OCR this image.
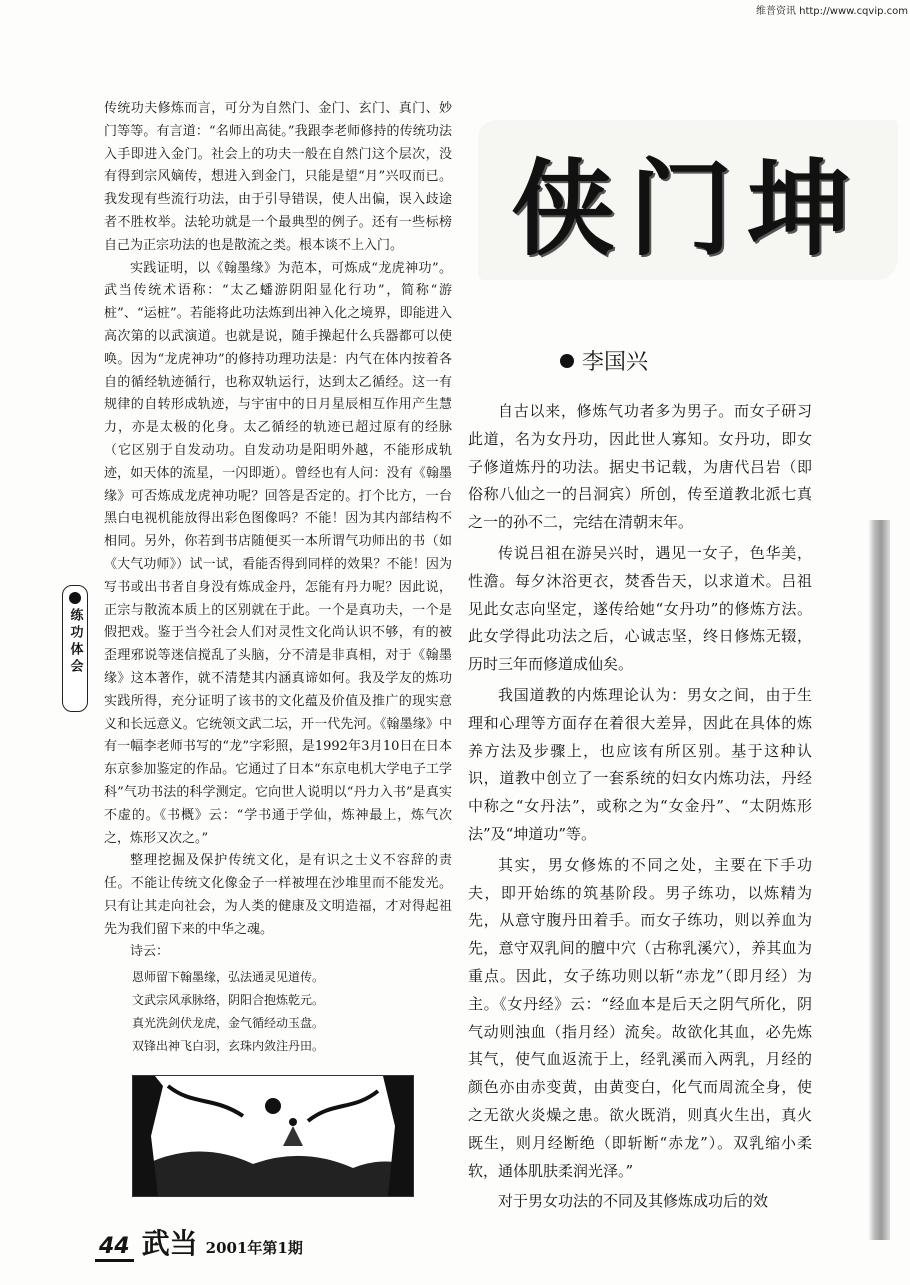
维普资讯 http://www.cqvip.com

传统功夫修炼而言，可分为自然门、金门、玄门、真门、妙门等等。有言道：“名师出高徒。”我跟李老师修持的传统功法入手即进入金门。社会上的功夫一般在自然门这个层次，没有得到宗风嫡传，想进入到金门，只能是望“月”兴叹而已。我发现有些流行功法，由于引导错误，使人出偏，误入歧途者不胜枚举。法轮功就是一个最典型的例子。还有一些标榜自己为正宗功法的也是散流之类。根本谈不上入门。

实践证明，以《翰墨缘》为范本，可炼成“龙虎神功”。武当传统术语称：“太乙蟠游阴阳显化行功”，简称“游桩”、“运桩”。若能将此功法炼到出神入化之境界，即能进入高次第的以武演道。也就是说，随手操起什么兵器都可以使唤。因为“龙虎神功”的修持功理功法是：内气在体内按着各自的循经轨迹循行，也称双轨运行，达到太乙循经。这一有规律的自转形成轨迹，与宇宙中的日月星辰相互作用产生慧力，亦是太极的化身。太乙循经的轨迹已超过原有的经脉（它区别于自发动功。自发动功是阳明外越，不能形成轨迹，如天体的流星，一闪即逝）。曾经也有人问：没有《翰墨缘》可否炼成龙虎神功呢？回答是否定的。打个比方，一台黑白电视机能放得出彩色图像吗？不能！因为其内部结构不相同。另外，你若到书店随便买一本所谓气功师出的书（如《大气功师》）试一试，看能否得到同样的效果？不能！因为写书或出书者自身没有炼成金丹，怎能有丹力呢？因此说，正宗与散流本质上的区别就在于此。一个是真功夫，一个是假把戏。鉴于当今社会人们对灵性文化尚认识不够，有的被歪理邪说等迷信搅乱了头脑，分不清是非真相，对于《翰墨缘》这本著作，就不清楚其内涵真谛如何。我及学友的炼功实践所得，充分证明了该书的文化蕴及价值及推广的现实意义和长远意义。它统领文武二坛，开一代先河。《翰墨缘》中有一幅李老师书写的“龙”字彩照，是1992年3月10日在日本东京参加鉴定的作品。它通过了日本“东京电机大学电子工学科”气功书法的科学测定。它向世人说明以“丹力入书”是真实不虚的。《书概》云：“学书通于学仙，炼神最上，炼气次之，炼形又次之。”

整理挖掘及保护传统文化，是有识之士义不容辞的责任。不能让传统文化像金子一样被埋在沙堆里而不能发光。只有让其走向社会，为人类的健康及文明造福，才对得起祖先为我们留下来的中华之魂。

诗云：

恩师留下翰墨缘，弘法通灵见道传。
文武宗风承脉络，阴阳合抱炼乾元。
真光洗剑伏龙虎，金气循经动玉盘。
双锋出神飞白羽，玄珠内敛注丹田。
练功体会
侠门坤
李国兴

自古以来，修炼气功者多为男子。而女子研习此道，名为女丹功，因此世人寡知。女丹功，即女子修道炼丹的功法。据史书记载，为唐代吕岩（即俗称八仙之一的吕洞宾）所创，传至道教北派七真之一的孙不二，完结在清朝末年。

传说吕祖在游吴兴时，遇见一女子，色华美，性澹。每夕沐浴更衣，焚香告天，以求道术。吕祖见此女志向坚定，遂传给她“女丹功”的修炼方法。此女学得此功法之后，心诚志坚，终日修炼无辍，历时三年而修道成仙矣。

我国道教的内炼理论认为：男女之间，由于生理和心理等方面存在着很大差异，因此在具体的炼养方法及步骤上，也应该有所区别。基于这种认识，道教中创立了一套系统的妇女内炼功法，丹经中称之“女丹法”，或称之为“女金丹”、“太阴炼形法”及“坤道功”等。

其实，男女修炼的不同之处，主要在下手功夫，即开始练的筑基阶段。男子练功，以炼精为先，从意守腹丹田着手。而女子练功，则以养血为先，意守双乳间的膻中穴（古称乳溪穴），养其血为重点。因此，女子练功则以斩“赤龙”（即月经）为主。《女丹经》云：“经血本是后天之阴气所化，阴气动则浊血（指月经）流矣。故欲化其血，必先炼其气，使气血返流于上，经乳溪而入两乳，月经的颜色亦由赤变黄，由黄变白，化气而周流全身，使之无欲火炎燥之患。欲火既消，则真火生出，真火既生，则月经断绝（即斩断“赤龙”）。双乳缩小柔软，通体肌肤柔润光泽。”

对于男女功法的不同及其修炼成功后的效

44 武当 2001年第1期
